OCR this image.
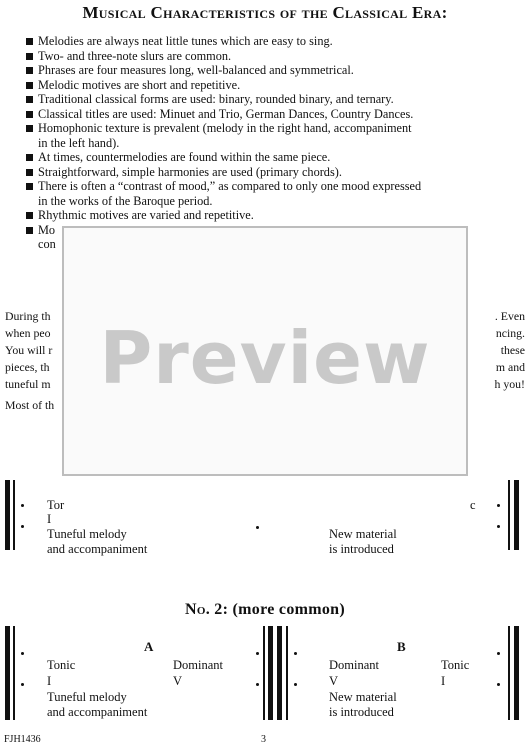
Musical Characteristics of the Classical Era:
Melodies are always neat little tunes which are easy to sing.
Two- and three-note slurs are common.
Phrases are four measures long, well-balanced and symmetrical.
Melodic motives are short and repetitive.
Traditional classical forms are used: binary, rounded binary, and ternary.
Classical titles are used: Minuet and Trio, German Dances, Country Dances.
Homophonic texture is prevalent (melody in the right hand, accompaniment
in the left hand).
At times, countermelodies are found within the same piece.
Straightforward, simple harmonies are used (primary chords).
There is often a “contrast of mood,” as compared to only one mood expressed
in the works of the Baroque period.
Rhythmic motives are varied and repetitive.
Mo
con
During th	. Even
when peo	ncing.
You will r	these
pieces, th	m and
tuneful m	h you!
Most of th
Tor
I
Tuneful melody
and accompaniment
c
New material
is introduced
Preview
No. 2: (more common)
A
Tonic	Dominant
I	V
Tuneful melody
and accompaniment
B
Dominant	Tonic
V	I
New material
is introduced
FJH1436	3
